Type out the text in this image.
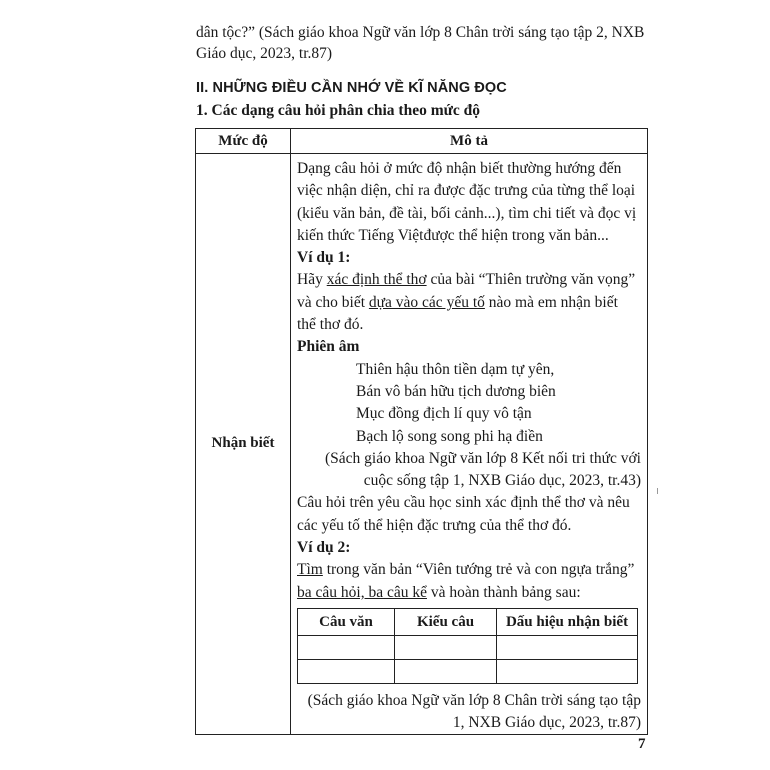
dân tộc?” (Sách giáo khoa Ngữ văn lớp 8 Chân trời sáng tạo tập 2, NXB
Giáo dục, 2023, tr.87)
II. NHỮNG ĐIỀU CẦN NHỚ VỀ KĨ NĂNG ĐỌC
1. Các dạng câu hỏi phân chia theo mức độ
Mức độ	Mô tả
Nhận biết	

Dạng câu hỏi ở mức độ nhận biết thường hướng đến

việc nhận diện, chỉ ra được đặc trưng của từng thể loại

(kiểu văn bản, đề tài, bối cảnh...), tìm chi tiết và đọc vị

kiến thức Tiếng Việtđược thể hiện trong văn bản...

Ví dụ 1:

Hãy xác định thể thơ của bài “Thiên trường văn vọng”

và cho biết dựa vào các yếu tố nào mà em nhận biết

thể thơ đó.

Phiên âm

Thiên hậu thôn tiền dạm tự yên,

Bán vô bán hữu tịch dương biên

Mục đồng địch lí quy vô tận

Bạch lộ song song phi hạ điền

(Sách giáo khoa Ngữ văn lớp 8 Kết nối tri thức với

cuộc sống tập 1, NXB Giáo dục, 2023, tr.43)

Câu hỏi trên yêu cầu học sinh xác định thể thơ và nêu

các yếu tố thể hiện đặc trưng của thể thơ đó.

Ví dụ 2:

Tìm trong văn bản “Viên tướng trẻ và con ngựa trắng”

ba câu hỏi, ba câu kể và hoàn thành bảng sau:

Câu văn	Kiểu câu	Dấu hiệu nhận biết

(Sách giáo khoa Ngữ văn lớp 8 Chân trời sáng tạo tập

1, NXB Giáo dục, 2023, tr.87)

7
